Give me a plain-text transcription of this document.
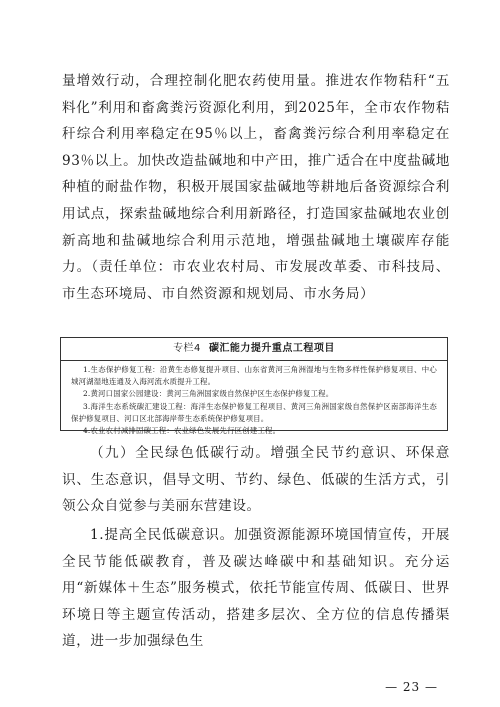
量增效行动，合理控制化肥农药使用量。推进农作物秸秆“五料化”利用和畜禽粪污资源化利用，到2025年，全市农作物秸秆综合利用率稳定在95％以上，畜禽粪污综合利用率稳定在93％以上。加快改造盐碱地和中产田，推广适合在中度盐碱地种植的耐盐作物，积极开展国家盐碱地等耕地后备资源综合利用试点，探索盐碱地综合利用新路径，打造国家盐碱地农业创新高地和盐碱地综合利用示范地，增强盐碱地土壤碳库存能力。（责任单位：市农业农村局、市发展改革委、市科技局、市生态环境局、市自然资源和规划局、市水务局）

专栏4 碳汇能力提升重点工程项目
1.生态保护修复工程：沿黄生态修复提升项目、山东省黄河三角洲湿地与生物多样性保护修复项目、中心城河湖湿地连通及入海河流水质提升工程。
2.黄河口国家公园建设：黄河三角洲国家级自然保护区生态保护修复工程。
3.海洋生态系统碳汇建设工程：海洋生态保护修复工程项目、黄河三角洲国家级自然保护区南部海洋生态保护修复项目、河口区北部海岸带生态系统保护修复项目。
4.农业农村减排固碳工程：农业绿色发展先行区创建工程。

（九）全民绿色低碳行动。增强全民节约意识、环保意识、生态意识，倡导文明、节约、绿色、低碳的生活方式，引领公众自觉参与美丽东营建设。

1.提高全民低碳意识。加强资源能源环境国情宣传，开展全民节能低碳教育，普及碳达峰碳中和基础知识。充分运用“新媒体＋生态”服务模式，依托节能宣传周、低碳日、世界环境日等主题宣传活动，搭建多层次、全方位的信息传播渠道，进一步加强绿色生

— 23 —
